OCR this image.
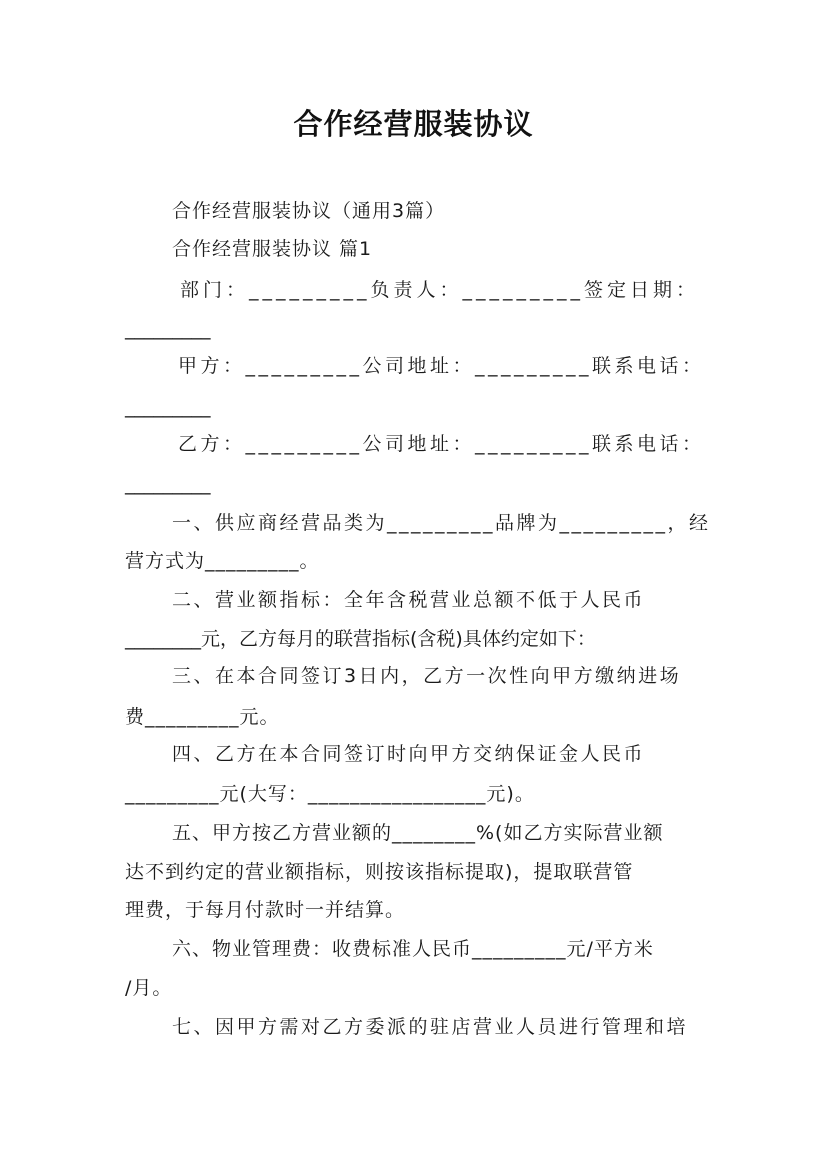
合作经营服装协议
合作经营服装协议（通用3篇）
合作经营服装协议 篇1
部门：_________负责人：_________签定日期：
_________
甲方：_________公司地址：_________联系电话：
_________
乙方：_________公司地址：_________联系电话：
_________
一、供应商经营品类为_________品牌为_________，经
营方式为_________。
二、营业额指标：全年含税营业总额不低于人民币
________元，乙方每月的联营指标(含税)具体约定如下：
三、在本合同签订3日内，乙方一次性向甲方缴纳进场
费_________元。
四、乙方在本合同签订时向甲方交纳保证金人民币
_________元(大写：_________________元)。
五、甲方按乙方营业额的________%(如乙方实际营业额
达不到约定的营业额指标，则按该指标提取)，提取联营管
理费，于每月付款时一并结算。
六、物业管理费：收费标准人民币_________元/平方米
/月。
七、因甲方需对乙方委派的驻店营业人员进行管理和培
